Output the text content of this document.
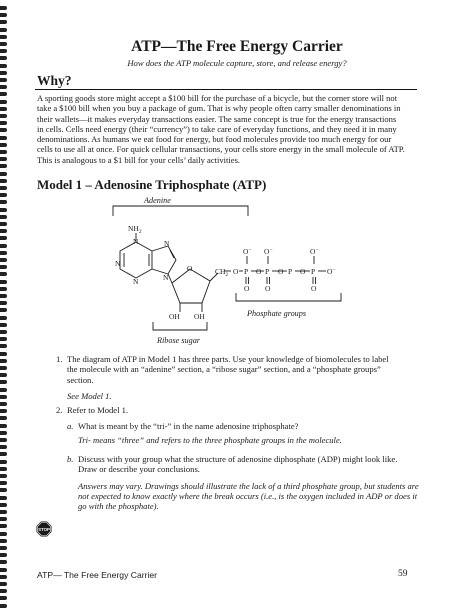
ATP—The Free Energy Carrier
How does the ATP molecule capture, store, and release energy?
Why?
A sporting goods store might accept a $100 bill for the purchase of a bicycle, but the corner store will not
take a $100 bill when you buy a package of gum. That is why people often carry smaller denominations in
their wallets—it makes everyday transactions easier. The same concept is true for the energy transactions
in cells. Cells need energy (their “currency”) to take care of everyday functions, and they need it in many
denominations. As humans we eat food for energy, but food molecules provide too much energy for our
cells to use all at once. For quick cellular transactions, your cells store energy in the small molecule of ATP.
This is analogous to a $1 bill for your cells’ daily activities.
Model 1 – Adenosine Triphosphate (ATP)
Adenine
$NH_2$
N
N
N
N
N
O	$CH_2$ O P O P O P O P O−
O− O−	O−
O O	O
OH OH
Ribose sugar
Phosphate groups
1. The diagram of ATP in Model 1 has three parts. Use your knowledge of biomolecules to label
the molecule with an “adenine” section, a “ribose sugar” section, and a “phosphate groups”
section.
See Model 1.
2. Refer to Model 1.
a. What is meant by the “tri-” in the name adenosine triphosphate?
Tri- means “three” and refers to the three phosphate groups in the molecule.
b. Discuss with your group what the structure of adenosine diphosphate (ADP) might look like.
Draw or describe your conclusions.
Answers may vary. Drawings should illustrate the lack of a third phosphate group, but students are
not expected to know exactly where the break occurs (i.e., is the oxygen included in ADP or does it
go with the phosphate).
STOP
ATP— The Free Energy Carrier	59
